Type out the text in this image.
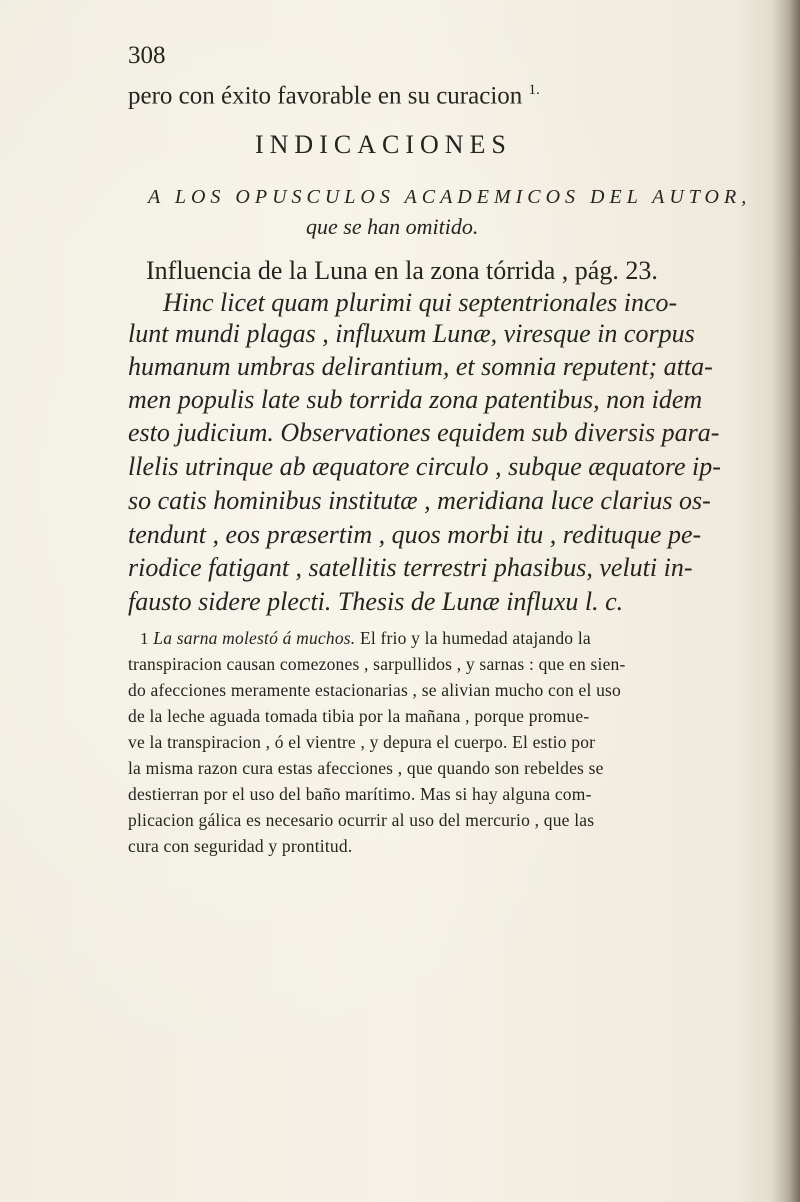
308
pero con éxito favorable en su curacion $^{1.}$
INDICACIONES
A LOS OPUSCULOS ACADEMICOS DEL AUTOR,
que se han omitido.
Influencia de la Luna en la zona tórrida , pág. 23.
Hinc licet quam plurimi qui septentrionales inco-
lunt mundi plagas , influxum Lunæ, viresque in corpus
humanum umbras delirantium, et somnia reputent; atta-
men populis late sub torrida zona patentibus, non idem
esto judicium. Observationes equidem sub diversis para-
llelis utrinque ab æquatore circulo , subque æquatore ip-
so catis hominibus institutæ , meridiana luce clarius os-
tendunt , eos præsertim , quos morbi itu , redituque pe-
riodice fatigant , satellitis terrestri phasibus, veluti in-
fausto sidere plecti. Thesis de Lunæ influxu l. c.
1 La sarna molestó á muchos. El frio y la humedad atajando la
transpiracion causan comezones , sarpullidos , y sarnas : que en sien-
do afecciones meramente estacionarias , se alivian mucho con el uso
de la leche aguada tomada tibia por la mañana , porque promue-
ve la transpiracion , ó el vientre , y depura el cuerpo. El estio por
la misma razon cura estas afecciones , que quando son rebeldes se
destierran por el uso del baño marítimo. Mas si hay alguna com-
plicacion gálica es necesario ocurrir al uso del mercurio , que las
cura con seguridad y prontitud.
